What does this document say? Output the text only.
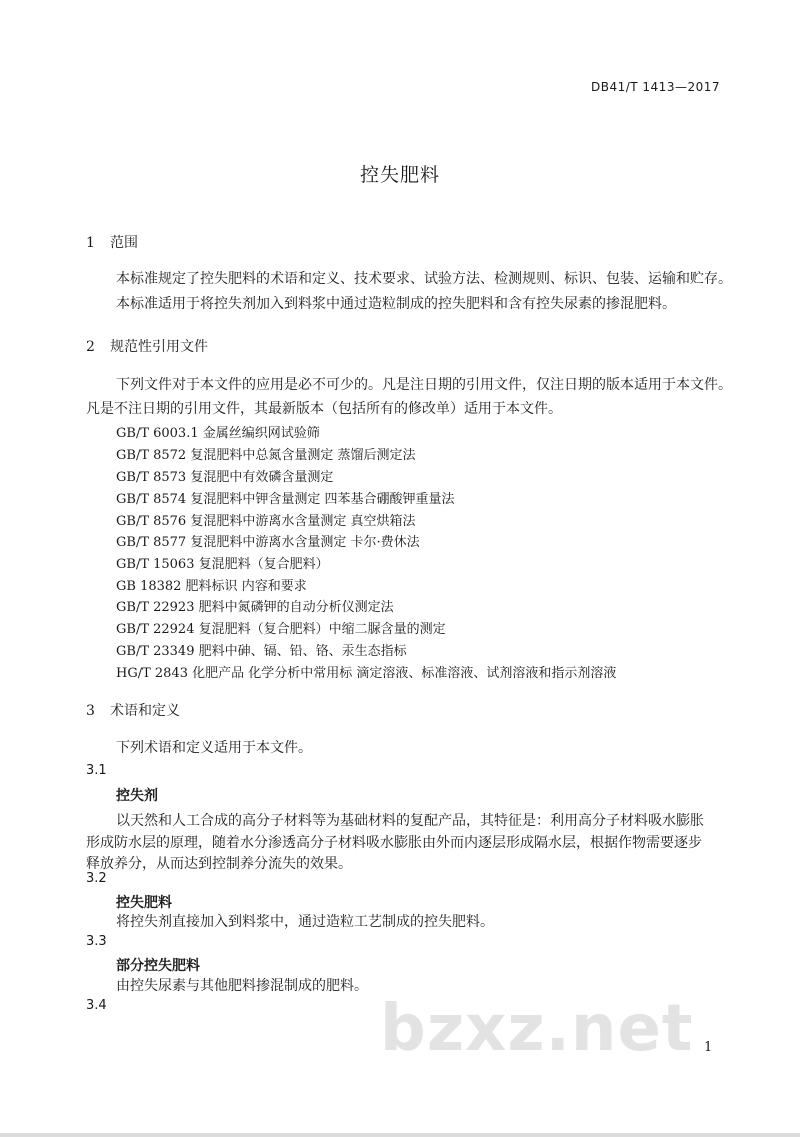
DB41/T 1413—2017
控失肥料
1 范围
本标准规定了控失肥料的术语和定义、技术要求、试验方法、检测规则、标识、包装、运输和贮存。
本标准适用于将控失剂加入到料浆中通过造粒制成的控失肥料和含有控失尿素的掺混肥料。
2 规范性引用文件
下列文件对于本文件的应用是必不可少的。凡是注日期的引用文件，仅注日期的版本适用于本文件。
凡是不注日期的引用文件，其最新版本（包括所有的修改单）适用于本文件。
GB/T 6003.1 金属丝编织网试验筛
GB/T 8572 复混肥料中总氮含量测定 蒸馏后测定法
GB/T 8573 复混肥中有效磷含量测定
GB/T 8574 复混肥料中钾含量测定 四苯基合硼酸钾重量法
GB/T 8576 复混肥料中游离水含量测定 真空烘箱法
GB/T 8577 复混肥料中游离水含量测定 卡尔·费休法
GB/T 15063 复混肥料（复合肥料）
GB 18382 肥料标识 内容和要求
GB/T 22923 肥料中氮磷钾的自动分析仪测定法
GB/T 22924 复混肥料（复合肥料）中缩二脲含量的测定
GB/T 23349 肥料中砷、镉、铅、铬、汞生态指标
HG/T 2843 化肥产品 化学分析中常用标 滴定溶液、标准溶液、试剂溶液和指示剂溶液
3 术语和定义
下列术语和定义适用于本文件。
3.1
控失剂
以天然和人工合成的高分子材料等为基础材料的复配产品，其特征是：利用高分子材料吸水膨胀
形成防水层的原理，随着水分渗透高分子材料吸水膨胀由外而内逐层形成隔水层，根据作物需要逐步
释放养分，从而达到控制养分流失的效果。
3.2
控失肥料
将控失剂直接加入到料浆中，通过造粒工艺制成的控失肥料。
3.3
部分控失肥料
由控失尿素与其他肥料掺混制成的肥料。
3.4	bzxz.net 1
